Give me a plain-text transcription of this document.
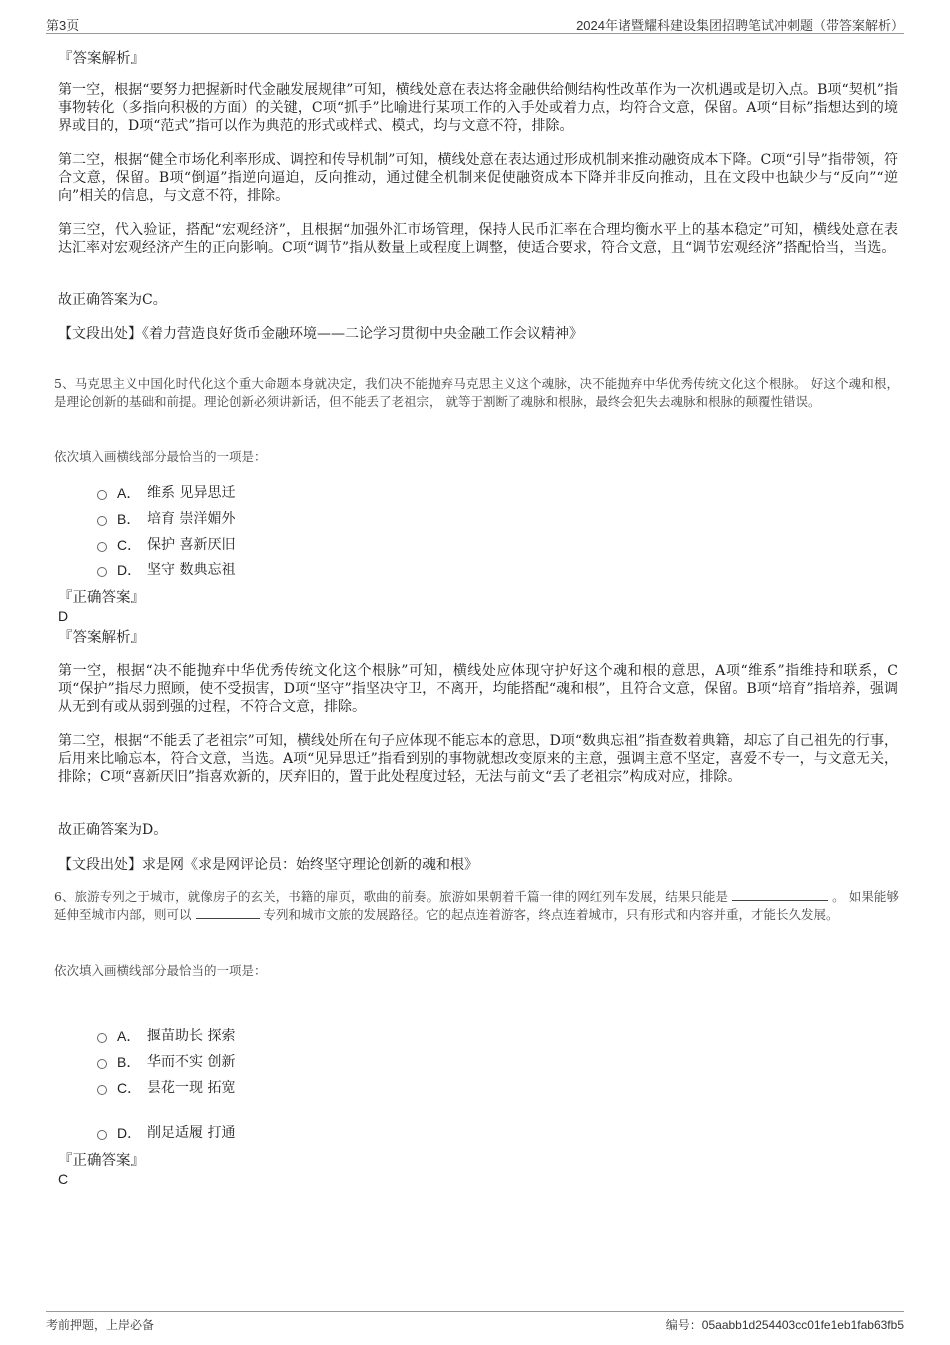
第3页	2024年诸暨耀科建设集团招聘笔试冲刺题（带答案解析）
『答案解析』
第一空，根据“要努力把握新时代金融发展规律”可知，横线处意在表达将金融供给侧结构性改革作为一次机遇或是切入点。B项“契机”指事物转化（多指向积极的方面）的关键，C项“抓手”比喻进行某项工作的入手处或着力点，均符合文意，保留。A项“目标”指想达到的境界或目的，D项“范式”指可以作为典范的形式或样式、模式，均与文意不符，排除。
第二空，根据“健全市场化利率形成、调控和传导机制”可知，横线处意在表达通过形成机制来推动融资成本下降。C项“引导”指带领，符合文意，保留。B项“倒逼”指逆向逼迫，反向推动，通过健全机制来促使融资成本下降并非反向推动，且在文段中也缺少与“反向”“逆向”相关的信息，与文意不符，排除。
第三空，代入验证，搭配“宏观经济”，且根据“加强外汇市场管理，保持人民币汇率在合理均衡水平上的基本稳定”可知，横线处意在表达汇率对宏观经济产生的正向影响。C项“调节”指从数量上或程度上调整，使适合要求，符合文意，且“调节宏观经济”搭配恰当，当选。
故正确答案为C。
【文段出处】《着力营造良好货币金融环境——二论学习贯彻中央金融工作会议精神》
5、马克思主义中国化时代化这个重大命题本身就决定，我们决不能抛弃马克思主义这个魂脉，决不能抛弃中华优秀传统文化这个根脉。 好这个魂和根，是理论创新的基础和前提。理论创新必须讲新话，但不能丢了老祖宗， 就等于割断了魂脉和根脉，最终会犯失去魂脉和根脉的颠覆性错误。
依次填入画横线部分最恰当的一项是：
A． 维系 见异思迁
B． 培育 崇洋媚外
C． 保护 喜新厌旧
D． 坚守 数典忘祖
『正确答案』
D
『答案解析』
第一空，根据“决不能抛弃中华优秀传统文化这个根脉”可知，横线处应体现守护好这个魂和根的意思，A项“维系”指维持和联系，C项“保护”指尽力照顾，使不受损害，D项“坚守”指坚决守卫，不离开，均能搭配“魂和根”，且符合文意，保留。B项“培育”指培养，强调从无到有或从弱到强的过程，不符合文意，排除。
第二空，根据“不能丢了老祖宗”可知，横线处所在句子应体现不能忘本的意思，D项“数典忘祖”指查数着典籍，却忘了自己祖先的行事，后用来比喻忘本，符合文意，当选。A项“见异思迁”指看到别的事物就想改变原来的主意，强调主意不坚定，喜爱不专一，与文意无关，排除；C项“喜新厌旧”指喜欢新的，厌弃旧的，置于此处程度过轻，无法与前文“丢了老祖宗”构成对应，排除。
故正确答案为D。
【文段出处】求是网《求是网评论员：始终坚守理论创新的魂和根》
6、旅游专列之于城市，就像房子的玄关，书籍的扉页，歌曲的前奏。旅游如果朝着千篇一律的网红列车发展，结果只能是	。 如果能够延伸至城市内部，则可以	专列和城市文旅的发展路径。它的起点连着游客，终点连着城市，只有形式和内容并重，才能长久发展。
依次填入画横线部分最恰当的一项是：
A． 揠苗助长 探索
B． 华而不实 创新
C． 昙花一现 拓宽
D． 削足适履 打通
『正确答案』
C
考前押题，上岸必备	编号：05aabb1d254403cc01fe1eb1fab63fb5
